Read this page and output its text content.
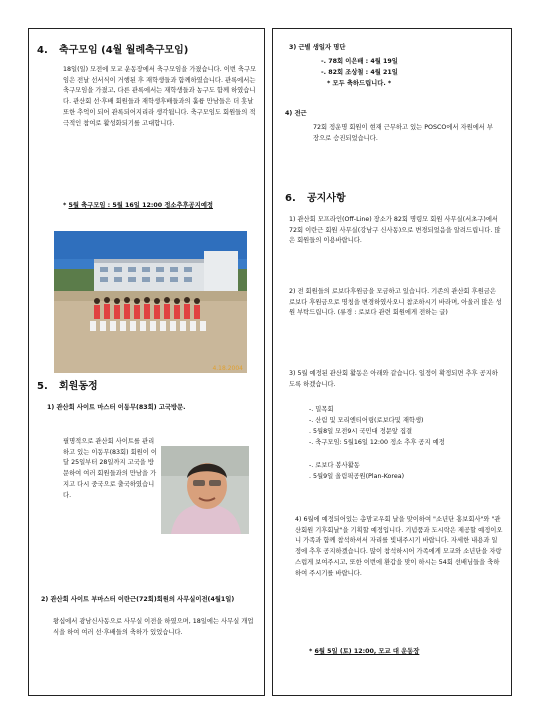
4. 축구모임 (4월 월례축구모임)

18일(일) 모전에 모교 운동장에서 축구모임을 가졌습니다. 이번 축구모임은 전날 선서식이 거행된 후 재학생들과 함께하였습니다. 관록에서는 축구모임을 가졌고, 다른 관록에서는 재학생들과 농구도 함께 하였습니다. 관산회 선·후배 회원들과 재학생후배들과의 훌륭 만남들은 더 훗날 또한 추억이 되어 관록되어지리라 생각됩니다. 축구모임도 회원들의 적극적인 참여로 활성화되기를 고대합니다.

* 5월 축구모임 : 5월 16일 12:00 정소추후공지예정

4.18.2004
5. 회원동정

1) 관산회 사이트 마스터 이동무(83회) 고국방문.

필명적으로 관산회 사이트를 관리하고 있는 이동무(83회) 회원이 이달 25일부터 28일까지 고국을 방문하여 여러 회원들과의 만남을 가지고 다시 중국으로 출국하였습니다.

2) 관산회 사이트 부마스터 이란근(72회)회원의 사무실이전(4월1일)

왕십에서 광남신사동으로 사무실 이전을 하였으며, 18일에는 사무실 개업식을 하여 여러 선·후배들의 축하가 있었습니다.

3) 근별 생일자 명단

-. 78회 이은배 : 4월 19일

-. 82회 조상철 : 4월 21일

* 모두 축하드립니다. *

4) 전근

72회 정운명 회원이 현재 근무하고 있는 POSCO에서 자원에서 부장으로 승진되었습니다.

6. 공지사항

1) 관산회 모프라인(Off-Line) 장소가 82회 명령모 회원 사무실(서초구)에서 72회 이란근 회원 사무실(강남구 신사동)으로 변경되었음을 알려드립니다. 많은 회원들의 이용바랍니다.

2) 전 회원들의 로보다후원금을 모금하고 있습니다. 기존의 관산회 후원금은 로보다 후원금으로 명칭을 변경하였사오니 참조하시기 바라며, 아울러 많은 성원 부탁드립니다. (류경 : 로보다 관련 회원에게 전하는 글)

3) 5월 예정된 관산회 활동은 아래와 같습니다. 일정이 확정되면 추후 공지하도록 하겠습니다.

-. 밀목회

-. 산림 및 모리엔티어링(로보다및 재학생)

. 5월8일 모전9시 국민대 정문앞 집결

-. 축구모임: 5월16일 12:00 정소 추후 공지 예정

-. 로보다 봉사활동

. 5월9일 올림픽공원(Plan-Korea)

4) 6월에 예정되어있는 총맘교우회 날을 맞이하여 "소년단 홍보회사"와 "관산회원 기후회날"을 기획할 예정입니다. 기념품과 도시락은 제공할 예정이오니 가족과 함께 참석하셔서 자리를 빛내주시기 바랍니다. 자세한 내용과 일정에 추후 공지하겠습니다. 많이 참석하시어 가족에게 모교와 소년단을 자랑스럽게 보여주시고, 또한 이번에 환갑을 맞이 하시는 54회 선배님들을 축하하여 주시기를 바랍니다.

* 6월 5일 (토) 12:00, 모교 대 운동장
